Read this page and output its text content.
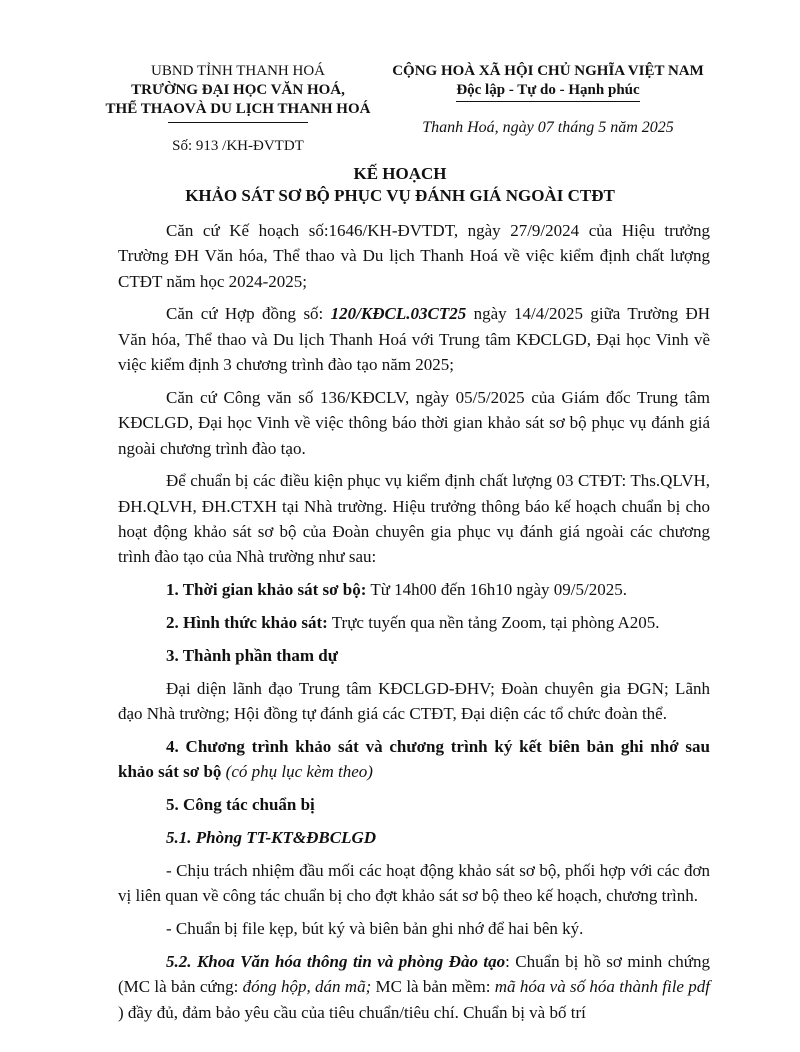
UBND TỈNH THANH HOÁ
TRƯỜNG ĐẠI HỌC VĂN HOÁ,
THỂ THAOVÀ DU LỊCH THANH HOÁ
Số: 913 /KH-ĐVTDT
CỘNG HOÀ XÃ HỘI CHỦ NGHĨA VIỆT NAM
Độc lập - Tự do - Hạnh phúc
Thanh Hoá, ngày 07 tháng 5 năm 2025
KẾ HOẠCH
KHẢO SÁT SƠ BỘ PHỤC VỤ ĐÁNH GIÁ NGOÀI CTĐT

Căn cứ Kế hoạch số:1646/KH-ĐVTDT, ngày 27/9/2024 của Hiệu trưởng Trường ĐH Văn hóa, Thể thao và Du lịch Thanh Hoá về việc kiểm định chất lượng CTĐT năm học 2024-2025;

Căn cứ Hợp đồng số: 120/KĐCL.03CT25 ngày 14/4/2025 giữa Trường ĐH Văn hóa, Thể thao và Du lịch Thanh Hoá với Trung tâm KĐCLGD, Đại học Vinh về việc kiểm định 3 chương trình đào tạo năm 2025;

Căn cứ Công văn số 136/KĐCLV, ngày 05/5/2025 của Giám đốc Trung tâm KĐCLGD, Đại học Vinh về việc thông báo thời gian khảo sát sơ bộ phục vụ đánh giá ngoài chương trình đào tạo.

Để chuẩn bị các điều kiện phục vụ kiểm định chất lượng 03 CTĐT: Ths.QLVH, ĐH.QLVH, ĐH.CTXH tại Nhà trường. Hiệu trưởng thông báo kế hoạch chuẩn bị cho hoạt động khảo sát sơ bộ của Đoàn chuyên gia phục vụ đánh giá ngoài các chương trình đào tạo của Nhà trường như sau:

1. Thời gian khảo sát sơ bộ: Từ 14h00 đến 16h10 ngày 09/5/2025.

2. Hình thức khảo sát: Trực tuyến qua nền tảng Zoom, tại phòng A205.

3. Thành phần tham dự

Đại diện lãnh đạo Trung tâm KĐCLGD-ĐHV; Đoàn chuyên gia ĐGN; Lãnh đạo Nhà trường; Hội đồng tự đánh giá các CTĐT, Đại diện các tổ chức đoàn thể.

4. Chương trình khảo sát và chương trình ký kết biên bản ghi nhớ sau khảo sát sơ bộ (có phụ lục kèm theo)

5. Công tác chuẩn bị

5.1. Phòng TT-KT&ĐBCLGD

- Chịu trách nhiệm đầu mối các hoạt động khảo sát sơ bộ, phối hợp với các đơn vị liên quan về công tác chuẩn bị cho đợt khảo sát sơ bộ theo kế hoạch, chương trình.

- Chuẩn bị file kẹp, bút ký và biên bản ghi nhớ để hai bên ký.

5.2. Khoa Văn hóa thông tin và phòng Đào tạo: Chuẩn bị hồ sơ minh chứng (MC là bản cứng: đóng hộp, dán mã; MC là bản mềm: mã hóa và số hóa thành file pdf ) đầy đủ, đảm bảo yêu cầu của tiêu chuẩn/tiêu chí. Chuẩn bị và bố trí
